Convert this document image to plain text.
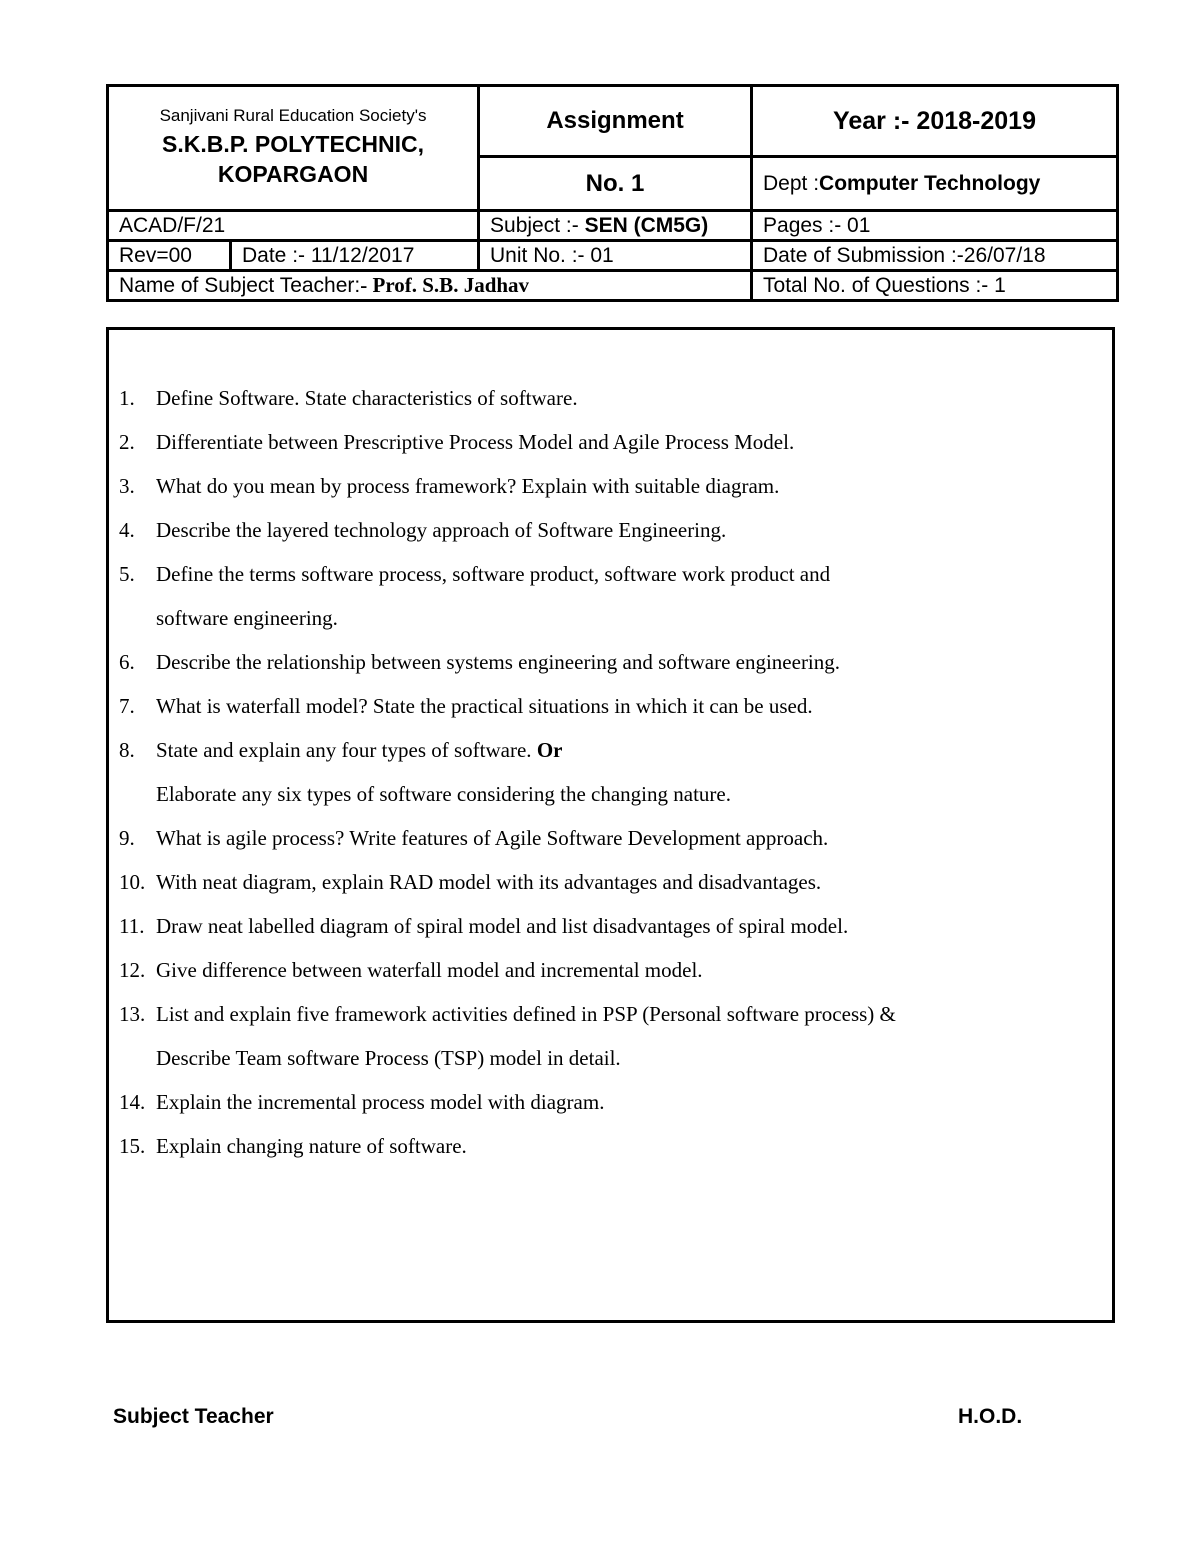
Sanjivani Rural Education Society's
S.K.B.P. POLYTECHNIC,
KOPARGAON		Assignment	Year :- 2018-2019
		No. 1	Dept :Computer Technology
ACAD/F/21		Subject :- SEN (CM5G)	Pages :- 01
Rev=00	Date :- 11/12/2017	Unit No. :- 01	Date of Submission :-26/07/18
Name of Subject Teacher:- Prof. S.B. Jadhav			Total No. of Questions :- 1
1.	Define Software. State characteristics of software.
2.	Differentiate between Prescriptive Process Model and Agile Process Model.
3.	What do you mean by process framework? Explain with suitable diagram.
4.	Describe the layered technology approach of Software Engineering.
5.	Define the terms software process, software product, software work product and
software engineering.
6.	Describe the relationship between systems engineering and software engineering.
7.	What is waterfall model? State the practical situations in which it can be used.
8.	State and explain any four types of software. Or
Elaborate any six types of software considering the changing nature.
9.	What is agile process? Write features of Agile Software Development approach.
10. With neat diagram, explain RAD model with its advantages and disadvantages.
11. Draw neat labelled diagram of spiral model and list disadvantages of spiral model.
12. Give difference between waterfall model and incremental model.
13. List and explain five framework activities defined in PSP (Personal software process) &
Describe Team software Process (TSP) model in detail.
14. Explain the incremental process model with diagram.
15. Explain changing nature of software.
Subject Teacher	H.O.D.
